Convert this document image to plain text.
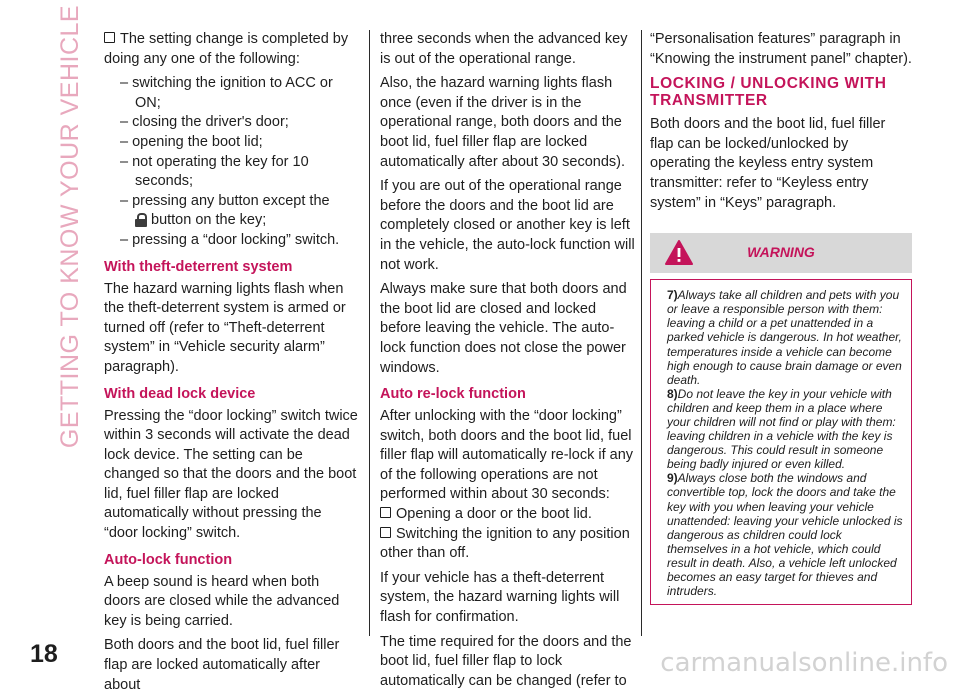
GETTING TO KNOW YOUR VEHICLE	The setting change is completed by doing any one of the following:

– switching the ignition to ACC or ON;
– closing the driver's door;
– opening the boot lid;
– not operating the key for 10 seconds;
– pressing any button except the
button on the key;
– pressing a “door locking” switch.
With theft-deterrent system

The hazard warning lights flash when the theft-deterrent system is armed or turned off (refer to “Theft-deterrent system” in “Vehicle security alarm” paragraph).

With dead lock device

Pressing the “door locking” switch twice within 3 seconds will activate the dead lock device. The setting can be changed so that the doors and the boot lid, fuel filler flap are locked automatically without pressing the “door locking” switch.

Auto-lock function

A beep sound is heard when both doors are closed while the advanced key is being carried.

Both doors and the boot lid, fuel filler flap are locked automatically after about

three seconds when the advanced key is out of the operational range.

Also, the hazard warning lights flash once (even if the driver is in the operational range, both doors and the boot lid, fuel filler flap are locked automatically after about 30 seconds).

If you are out of the operational range before the doors and the boot lid are completely closed or another key is left in the vehicle, the auto-lock function will not work.

Always make sure that both doors and the boot lid are closed and locked before leaving the vehicle. The auto-lock function does not close the power windows.

Auto re-lock function

After unlocking with the “door locking” switch, both doors and the boot lid, fuel filler flap will automatically re-lock if any of the following operations are not performed within about 30 seconds:

Opening a door or the boot lid.

Switching the ignition to any position other than off.

If your vehicle has a theft-deterrent system, the hazard warning lights will flash for confirmation.

The time required for the doors and the boot lid, fuel filler flap to lock automatically can be changed (refer to

“Personalisation features” paragraph in “Knowing the instrument panel” chapter).

LOCKING / UNLOCKING WITH TRANSMITTER

Both doors and the boot lid, fuel filler flap can be locked/unlocked by operating the keyless entry system transmitter: refer to “Keyless entry system” in “Keys” paragraph.

WARNING

7)Always take all children and pets with you or leave a responsible person with them: leaving a child or a pet unattended in a parked vehicle is dangerous. In hot weather, temperatures inside a vehicle can become high enough to cause brain damage or even death.

8)Do not leave the key in your vehicle with children and keep them in a place where your children will not find or play with them: leaving children in a vehicle with the key is dangerous. This could result in someone being badly injured or even killed.

9)Always close both the windows and convertible top, lock the doors and take the key with you when leaving your vehicle unattended: leaving your vehicle unlocked is dangerous as children could lock themselves in a hot vehicle, which could result in death. Also, a vehicle left unlocked becomes an easy target for thieves and intruders.

18	carmanualsonline.info
